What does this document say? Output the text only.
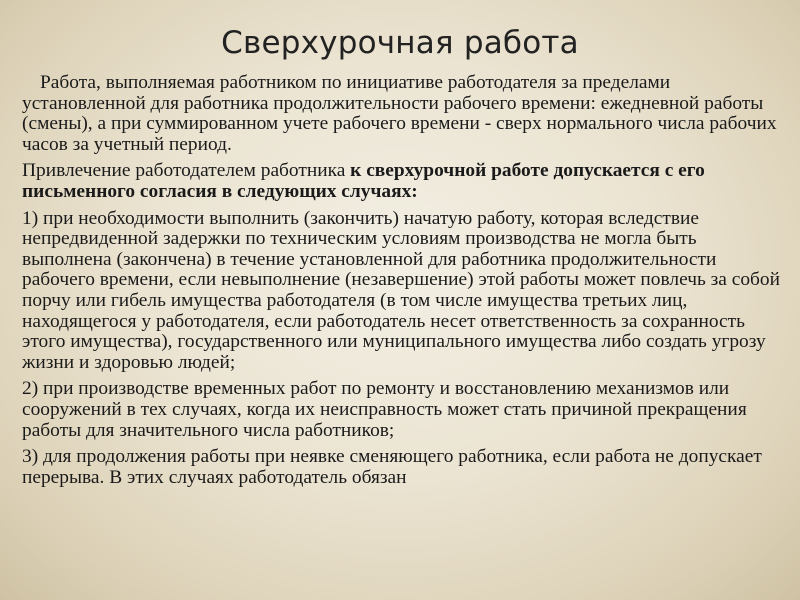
Сверхурочная работа

Работа, выполняемая работником по инициативе работодателя за пределами установленной для работника продолжительности рабочего времени: ежедневной работы (смены), а при суммированном учете рабочего времени - сверх нормального числа рабочих часов за учетный период.

Привлечение работодателем работника к сверхурочной работе допускается с его письменного согласия в следующих случаях:

1) при необходимости выполнить (закончить) начатую работу, которая вследствие непредвиденной задержки по техническим условиям производства не могла быть выполнена (закончена) в течение установленной для работника продолжительности рабочего времени, если невыполнение (незавершение) этой работы может повлечь за собой порчу или гибель имущества работодателя (в том числе имущества третьих лиц, находящегося у работодателя, если работодатель несет ответственность за сохранность этого имущества), государственного или муниципального имущества либо создать угрозу жизни и здоровью людей;

2) при производстве временных работ по ремонту и восстановлению механизмов или сооружений в тех случаях, когда их неисправность может стать причиной прекращения работы для значительного числа работников;

3) для продолжения работы при неявке сменяющего работника, если работа не допускает перерыва. В этих случаях работодатель обязан
